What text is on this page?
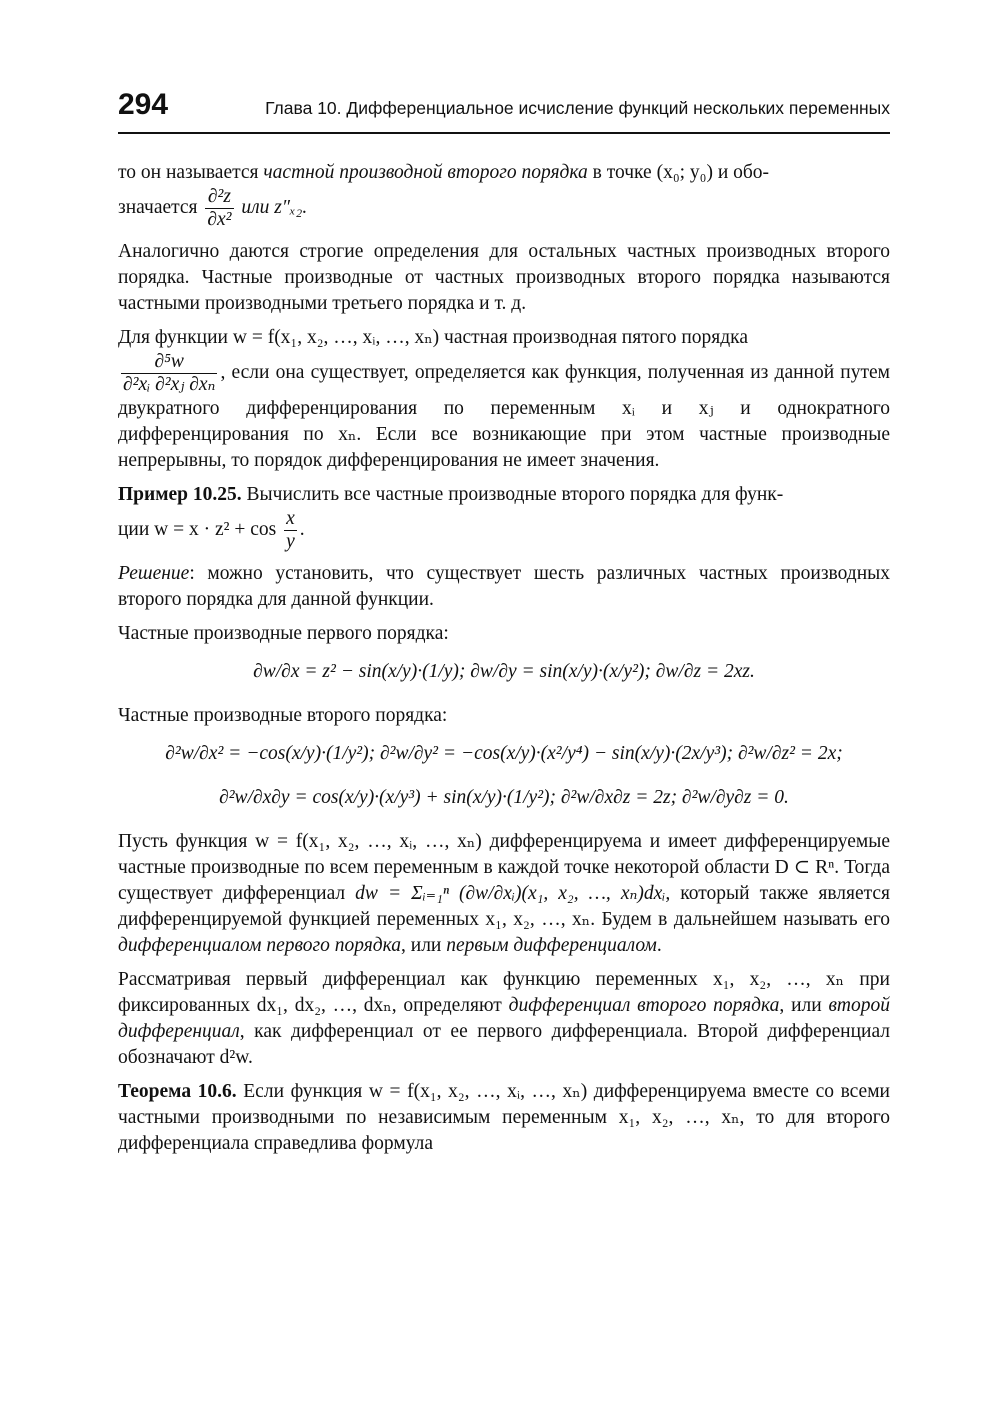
294	Глава 10. Дифференциальное исчисление функций нескольких переменных

то он называется частной производной второго порядка в точке (x₀; y₀) и обо-
значается $\frac{\text{∂²z}}{\text{∂x²}}$ или z″ₓ₂.

Аналогично даются строгие определения для остальных частных производных второго порядка. Частные производные от частных производных второго порядка называются частными производными третьего порядка и т. д.

Для функции w = f(x₁, x₂, …, xᵢ, …, xₙ) частная производная пятого порядка

$\frac{\text{∂⁵w}}{\text{∂²xᵢ ∂²xⱼ ∂xₙ}}$ , если она существует, определяется как функция, полученная из данной путем двукратного дифференцирования по переменным xᵢ и xⱼ и однократного дифференцирования по xₙ. Если все возникающие при этом частные производные непрерывны, то порядок дифференцирования не имеет значения.

Пример 10.25. Вычислить все частные производные второго порядка для функ-
ции $w = x \cdot z^2 + \cos \frac{x}{y}$ .

Решение: можно установить, что существует шесть различных частных производных второго порядка для данной функции.

Частные производные первого порядка:

∂w/∂x = z² − sin(x/y)·(1/y); ∂w/∂y = sin(x/y)·(x/y²); ∂w/∂z = 2xz.

Частные производные второго порядка:

∂²w/∂x² = −cos(x/y)·(1/y²); ∂²w/∂y² = −cos(x/y)·(x²/y⁴) − sin(x/y)·(2x/y³); ∂²w/∂z² = 2x;
∂²w/∂x∂y = cos(x/y)·(x/y³) + sin(x/y)·(1/y²); ∂²w/∂x∂z = 2z; ∂²w/∂y∂z = 0.

Пусть функция w = f(x₁, x₂, …, xᵢ, …, xₙ) дифференцируема и имеет дифференцируемые частные производные по всем переменным в каждой точке некоторой области D ⊂ Rⁿ. Тогда существует дифференциал dw = Σᵢ₌₁ⁿ (∂w/∂xᵢ)(x₁, x₂, …, xₙ)dxᵢ, который также является дифференцируемой функцией переменных x₁, x₂, …, xₙ. Будем в дальнейшем называть его дифференциалом первого порядка, или первым дифференциалом.

Рассматривая первый дифференциал как функцию переменных x₁, x₂, …, xₙ при фиксированных dx₁, dx₂, …, dxₙ, определяют дифференциал второго порядка, или второй дифференциал, как дифференциал от ее первого дифференциала. Второй дифференциал обозначают d²w.

Теорема 10.6. Если функция w = f(x₁, x₂, …, xᵢ, …, xₙ) дифференцируема вместе со всеми частными производными по независимым переменным x₁, x₂, …, xₙ, то для второго дифференциала справедлива формула
